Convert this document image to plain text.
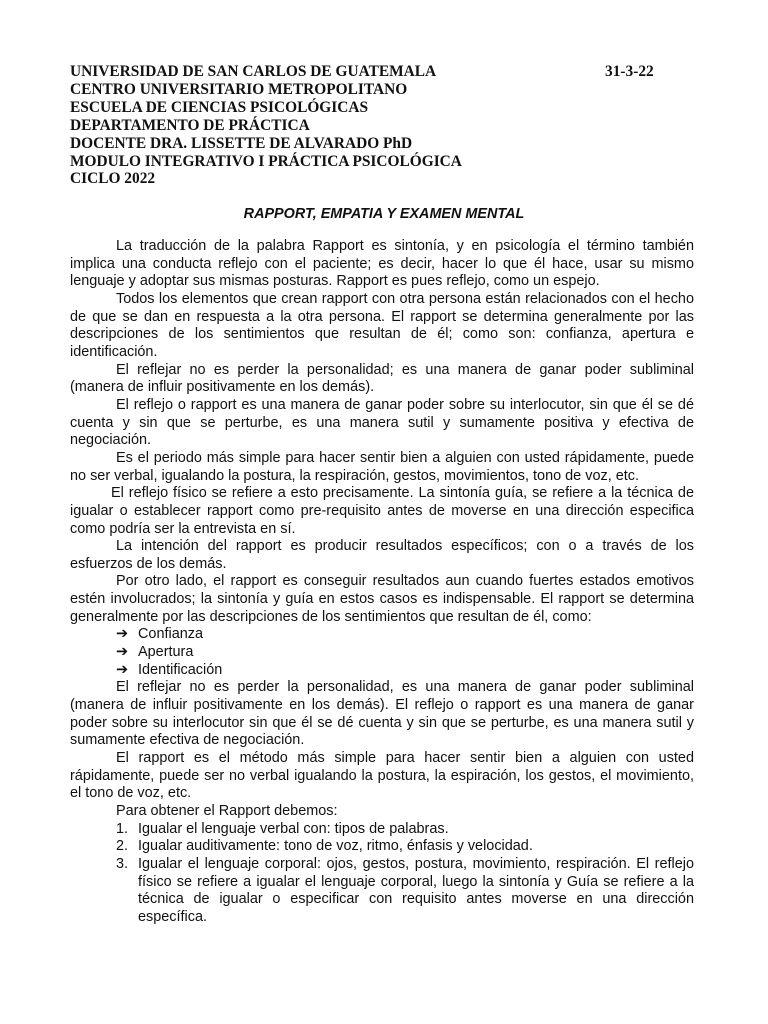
UNIVERSIDAD DE SAN CARLOS DE GUATEMALA
CENTRO UNIVERSITARIO METROPOLITANO
ESCUELA DE CIENCIAS PSICOLÓGICAS
DEPARTAMENTO DE PRÁCTICA
DOCENTE DRA. LISSETTE DE ALVARADO PhD
MODULO INTEGRATIVO I PRÁCTICA PSICOLÓGICA
CICLO 2022
31-3-22
RAPPORT, EMPATIA Y EXAMEN MENTAL

La traducción de la palabra Rapport es sintonía, y en psicología el término también implica una conducta reflejo con el paciente; es decir, hacer lo que él hace, usar su mismo lenguaje y adoptar sus mismas posturas. Rapport es pues reflejo, como un espejo.

Todos los elementos que crean rapport con otra persona están relacionados con el hecho de que se dan en respuesta a la otra persona. El rapport se determina generalmente por las descripciones de los sentimientos que resultan de él; como son: confianza, apertura e identificación.

El reflejar no es perder la personalidad; es una manera de ganar poder subliminal (manera de influir positivamente en los demás).

El reflejo o rapport es una manera de ganar poder sobre su interlocutor, sin que él se dé cuenta y sin que se perturbe, es una manera sutil y sumamente positiva y efectiva de negociación.

Es el periodo más simple para hacer sentir bien a alguien con usted rápidamente, puede no ser verbal, igualando la postura, la respiración, gestos, movimientos, tono de voz, etc.

El reflejo físico se refiere a esto precisamente. La sintonía guía, se refiere a la técnica de igualar o establecer rapport como pre-requisito antes de moverse en una dirección especifica como podría ser la entrevista en sí.

La intención del rapport es producir resultados específicos; con o a través de los esfuerzos de los demás.

Por otro lado, el rapport es conseguir resultados aun cuando fuertes estados emotivos estén involucrados; la sintonía y guía en estos casos es indispensable. El rapport se determina generalmente por las descripciones de los sentimientos que resultan de él, como:

➔ Confianza
➔ Apertura
➔ Identificación

El reflejar no es perder la personalidad, es una manera de ganar poder subliminal (manera de influir positivamente en los demás). El reflejo o rapport es una manera de ganar poder sobre su interlocutor sin que él se dé cuenta y sin que se perturbe, es una manera sutil y sumamente efectiva de negociación.

El rapport es el método más simple para hacer sentir bien a alguien con usted rápidamente, puede ser no verbal igualando la postura, la espiración, los gestos, el movimiento, el tono de voz, etc.

Para obtener el Rapport debemos:

1. Igualar el lenguaje verbal con: tipos de palabras.
2. Igualar auditivamente: tono de voz, ritmo, énfasis y velocidad.
3. Igualar el lenguaje corporal: ojos, gestos, postura, movimiento, respiración. El reflejo físico se refiere a igualar el lenguaje corporal, luego la sintonía y Guía se refiere a la técnica de igualar o especificar con requisito antes moverse en una dirección específica.
